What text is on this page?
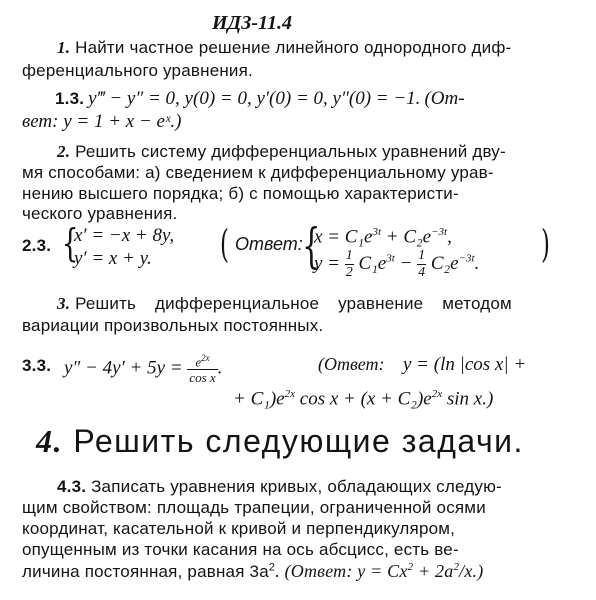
ИДЗ-11.4
1. Найти частное решение линейного однородного диф-
ференциального уравнения.
1.3. y‴ − y″ = 0, y(0) = 0, y′(0) = 0, y″(0) = −1. (От-
вет: y = 1 + x − eˣ.)
2. Решить систему дифференциальных уравнений дву-
мя способами: а) сведением к дифференциальному урав-
нению высшего порядка; б) с помощью характеристи-
ческого уравнения.
2.3. {
x′ = −x + 8y,
y′ = x + y. ( Ответ: {
$x = C_1e^{3t} + C_2e^{-3t}$,
$y = \frac{1}{2} C_1e^{3t} - \frac{1}{4} C_2e^{-3t}$. )
3. Решить дифференциальное уравнение методом
вариации произвольных постоянных.
3.3. $y'' - 4y' + 5y = \frac{e^{2x}}{\text{cos x}}$ .	(Ответ: y = (ln |cos x| +
+ $C_1)e^{2x}$ $\cos x + (x + C_2)e^{2x}$ sin x.)
4. Решить следующие задачи.
4.3. Записать уравнения кривых, обладающих следую-
щим свойством: площадь трапеции, ограниченной осями
координат, касательной к кривой и перпендикуляром,
опущенным из точки касания на ось абсцисс, есть ве-
личина постоянная, равная $3a^2$. (Ответ: $y = Cx^2 + 2a^2/x$.)
